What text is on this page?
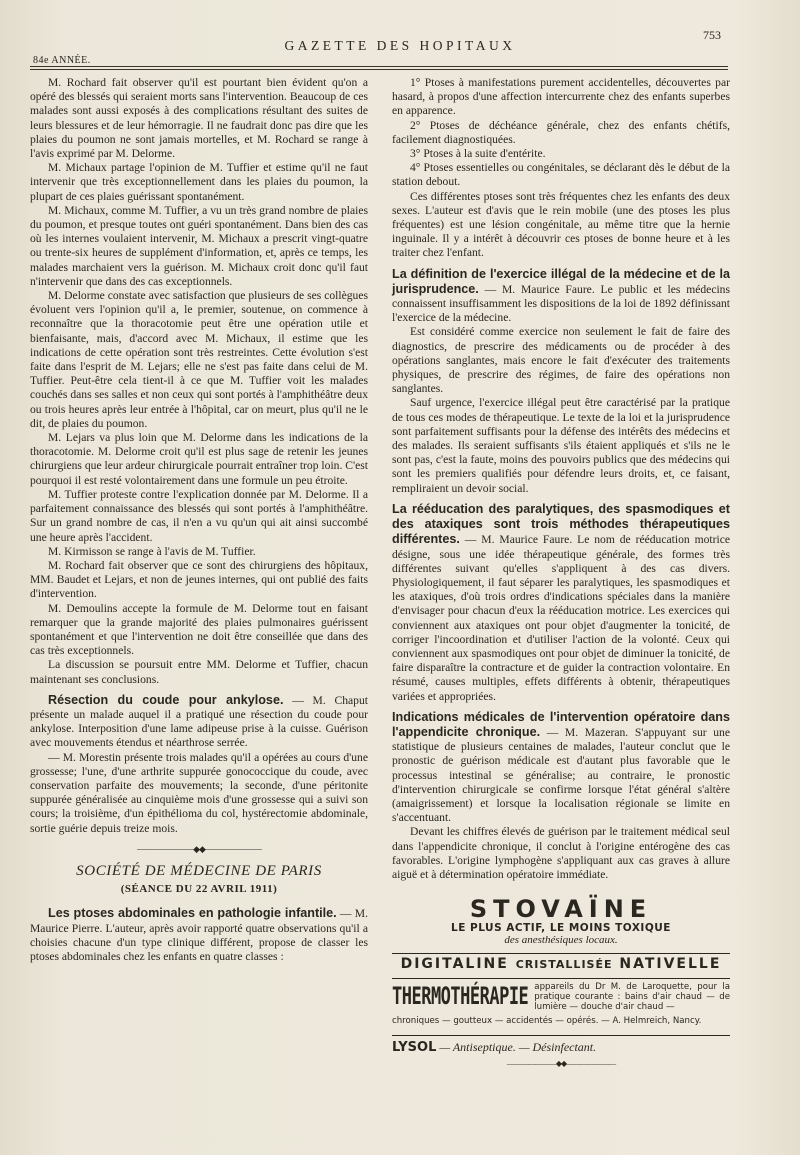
753
GAZETTE DES HOPITAUX
84e ANNÉE.

M. Rochard fait observer qu'il est pourtant bien évident qu'on a opéré des blessés qui seraient morts sans l'intervention. Beaucoup de ces malades sont aussi exposés à des complications résultant des suites de leurs blessures et de leur hémorragie. Il ne faudrait donc pas dire que les plaies du poumon ne sont jamais mortelles, et M. Rochard se range à l'avis exprimé par M. Delorme.

M. Michaux partage l'opinion de M. Tuffier et estime qu'il ne faut intervenir que très exceptionnellement dans les plaies du poumon, la plupart de ces plaies guérissant spontanément.

M. Michaux, comme M. Tuffier, a vu un très grand nombre de plaies du poumon, et presque toutes ont guéri spontanément. Dans bien des cas où les internes voulaient intervenir, M. Michaux a prescrit vingt-quatre ou trente-six heures de supplément d'information, et, après ce temps, les malades marchaient vers la guérison. M. Michaux croit donc qu'il faut n'intervenir que dans des cas exceptionnels.

M. Delorme constate avec satisfaction que plusieurs de ses collègues évoluent vers l'opinion qu'il a, le premier, soutenue, on commence à reconnaître que la thoracotomie peut être une opération utile et bienfaisante, mais, d'accord avec M. Michaux, il estime que les indications de cette opération sont très restreintes. Cette évolution s'est faite dans l'esprit de M. Lejars; elle ne s'est pas faite dans celui de M. Tuffier. Peut-être cela tient-il à ce que M. Tuffier voit les malades couchés dans ses salles et non ceux qui sont portés à l'amphithéâtre deux ou trois heures après leur entrée à l'hôpital, car on meurt, plus qu'il ne le dit, de plaies du poumon.

M. Lejars va plus loin que M. Delorme dans les indications de la thoracotomie. M. Delorme croit qu'il est plus sage de retenir les jeunes chirurgiens que leur ardeur chirurgicale pourrait entraîner trop loin. C'est pourquoi il est resté volontairement dans une formule un peu étroite.

M. Tuffier proteste contre l'explication donnée par M. Delorme. Il a parfaitement connaissance des blessés qui sont portés à l'amphithéâtre. Sur un grand nombre de cas, il n'en a vu qu'un qui ait ainsi succombé une heure après l'accident.

M. Kirmisson se range à l'avis de M. Tuffier.

M. Rochard fait observer que ce sont des chirurgiens des hôpitaux, MM. Baudet et Lejars, et non de jeunes internes, qui ont publié des faits d'intervention.

M. Demoulins accepte la formule de M. Delorme tout en faisant remarquer que la grande majorité des plaies pulmonaires guérissent spontanément et que l'intervention ne doit être conseillée que dans des cas très exceptionnels.

La discussion se poursuit entre MM. Delorme et Tuffier, chacun maintenant ses conclusions.

Résection du coude pour ankylose. — M. Chaput présente un malade auquel il a pratiqué une résection du coude pour ankylose. Interposition d'une lame adipeuse prise à la cuisse. Guérison avec mouvements étendus et néarthrose serrée.

— M. Morestin présente trois malades qu'il a opérées au cours d'une grossesse; l'une, d'une arthrite suppurée gonococcique du coude, avec conservation parfaite des mouvements; la seconde, d'une péritonite suppurée généralisée au cinquième mois d'une grossesse qui a suivi son cours; la troisième, d'un épithélioma du col, hystérectomie abdominale, sortie guérie depuis treize mois.

———————◆◆———————
SOCIÉTÉ DE MÉDECINE DE PARIS
(SÉANCE DU 22 AVRIL 1911)

Les ptoses abdominales en pathologie infantile. — M. Maurice Pierre. L'auteur, après avoir rapporté quatre observations qu'il a choisies chacune d'un type clinique différent, propose de classer les ptoses abdominales chez les enfants en quatre classes :

1° Ptoses à manifestations purement accidentelles, découvertes par hasard, à propos d'une affection intercurrente chez des enfants superbes en apparence.

2° Ptoses de déchéance générale, chez des enfants chétifs, facilement diagnostiquées.

3° Ptoses à la suite d'entérite.

4° Ptoses essentielles ou congénitales, se déclarant dès le début de la station debout.

Ces différentes ptoses sont très fréquentes chez les enfants des deux sexes. L'auteur est d'avis que le rein mobile (une des ptoses les plus fréquentes) est une lésion congénitale, au même titre que la hernie inguinale. Il y a intérêt à découvrir ces ptoses de bonne heure et à les traiter chez l'enfant.

La définition de l'exercice illégal de la médecine et de la jurisprudence. — M. Maurice Faure. Le public et les médecins connaissent insuffisamment les dispositions de la loi de 1892 définissant l'exercice de la médecine.

Est considéré comme exercice non seulement le fait de faire des diagnostics, de prescrire des médicaments ou de procéder à des opérations sanglantes, mais encore le fait d'exécuter des traitements physiques, de prescrire des régimes, de faire des opérations non sanglantes.

Sauf urgence, l'exercice illégal peut être caractérisé par la pratique de tous ces modes de thérapeutique. Le texte de la loi et la jurisprudence sont parfaitement suffisants pour la défense des intérêts des médecins et des malades. Ils seraient suffisants s'ils étaient appliqués et s'ils ne le sont pas, c'est la faute, moins des pouvoirs publics que des médecins qui sont les premiers qualifiés pour défendre leurs droits, et, ce faisant, rempliraient un devoir social.

La rééducation des paralytiques, des spasmodiques et des ataxiques sont trois méthodes thérapeutiques différentes. — M. Maurice Faure. Le nom de rééducation motrice désigne, sous une idée thérapeutique générale, des formes très différentes suivant qu'elles s'appliquent à des cas divers. Physiologiquement, il faut séparer les paralytiques, les spasmodiques et les ataxiques, d'où trois ordres d'indications spéciales dans la manière d'envisager pour chacun d'eux la rééducation motrice. Les exercices qui conviennent aux ataxiques ont pour objet d'augmenter la tonicité, de corriger l'incoordination et d'utiliser l'action de la volonté. Ceux qui conviennent aux spasmodiques ont pour objet de diminuer la tonicité, de faire disparaître la contracture et de guider la contraction volontaire. En résumé, causes multiples, effets différents à obtenir, thérapeutiques variées et appropriées.

Indications médicales de l'intervention opératoire dans l'appendicite chronique. — M. Mazeran. S'appuyant sur une statistique de plusieurs centaines de malades, l'auteur conclut que le pronostic de guérison médicale est d'autant plus favorable que le processus intestinal se généralise; au contraire, le pronostic d'intervention chirurgicale se confirme lorsque l'état général s'altère (amaigrissement) et lorsque la localisation régionale se limite en s'accentuant.

Devant les chiffres élevés de guérison par le traitement médical seul dans l'appendicite chronique, il conclut à l'origine entérogène des cas favorables. L'origine lymphogène s'appliquant aux cas graves à allure aiguë et à détermination opératoire immédiate.

STOVAÏNE
LE PLUS ACTIF, LE MOINS TOXIQUE
des anesthésiques locaux.
DIGITALINE CRISTALLISÉE NATIVELLE
THERMOTHÉRAPIE appareils du Dr M. de Laroquette, pour la pratique courante : bains d'air chaud — de lumière — douche d'air chaud —
chroniques — goutteux — accidentés — opérés. — A. Helmreich, Nancy.
LYSOL — Antiseptique. — Désinfectant.
———————◆◆———————
